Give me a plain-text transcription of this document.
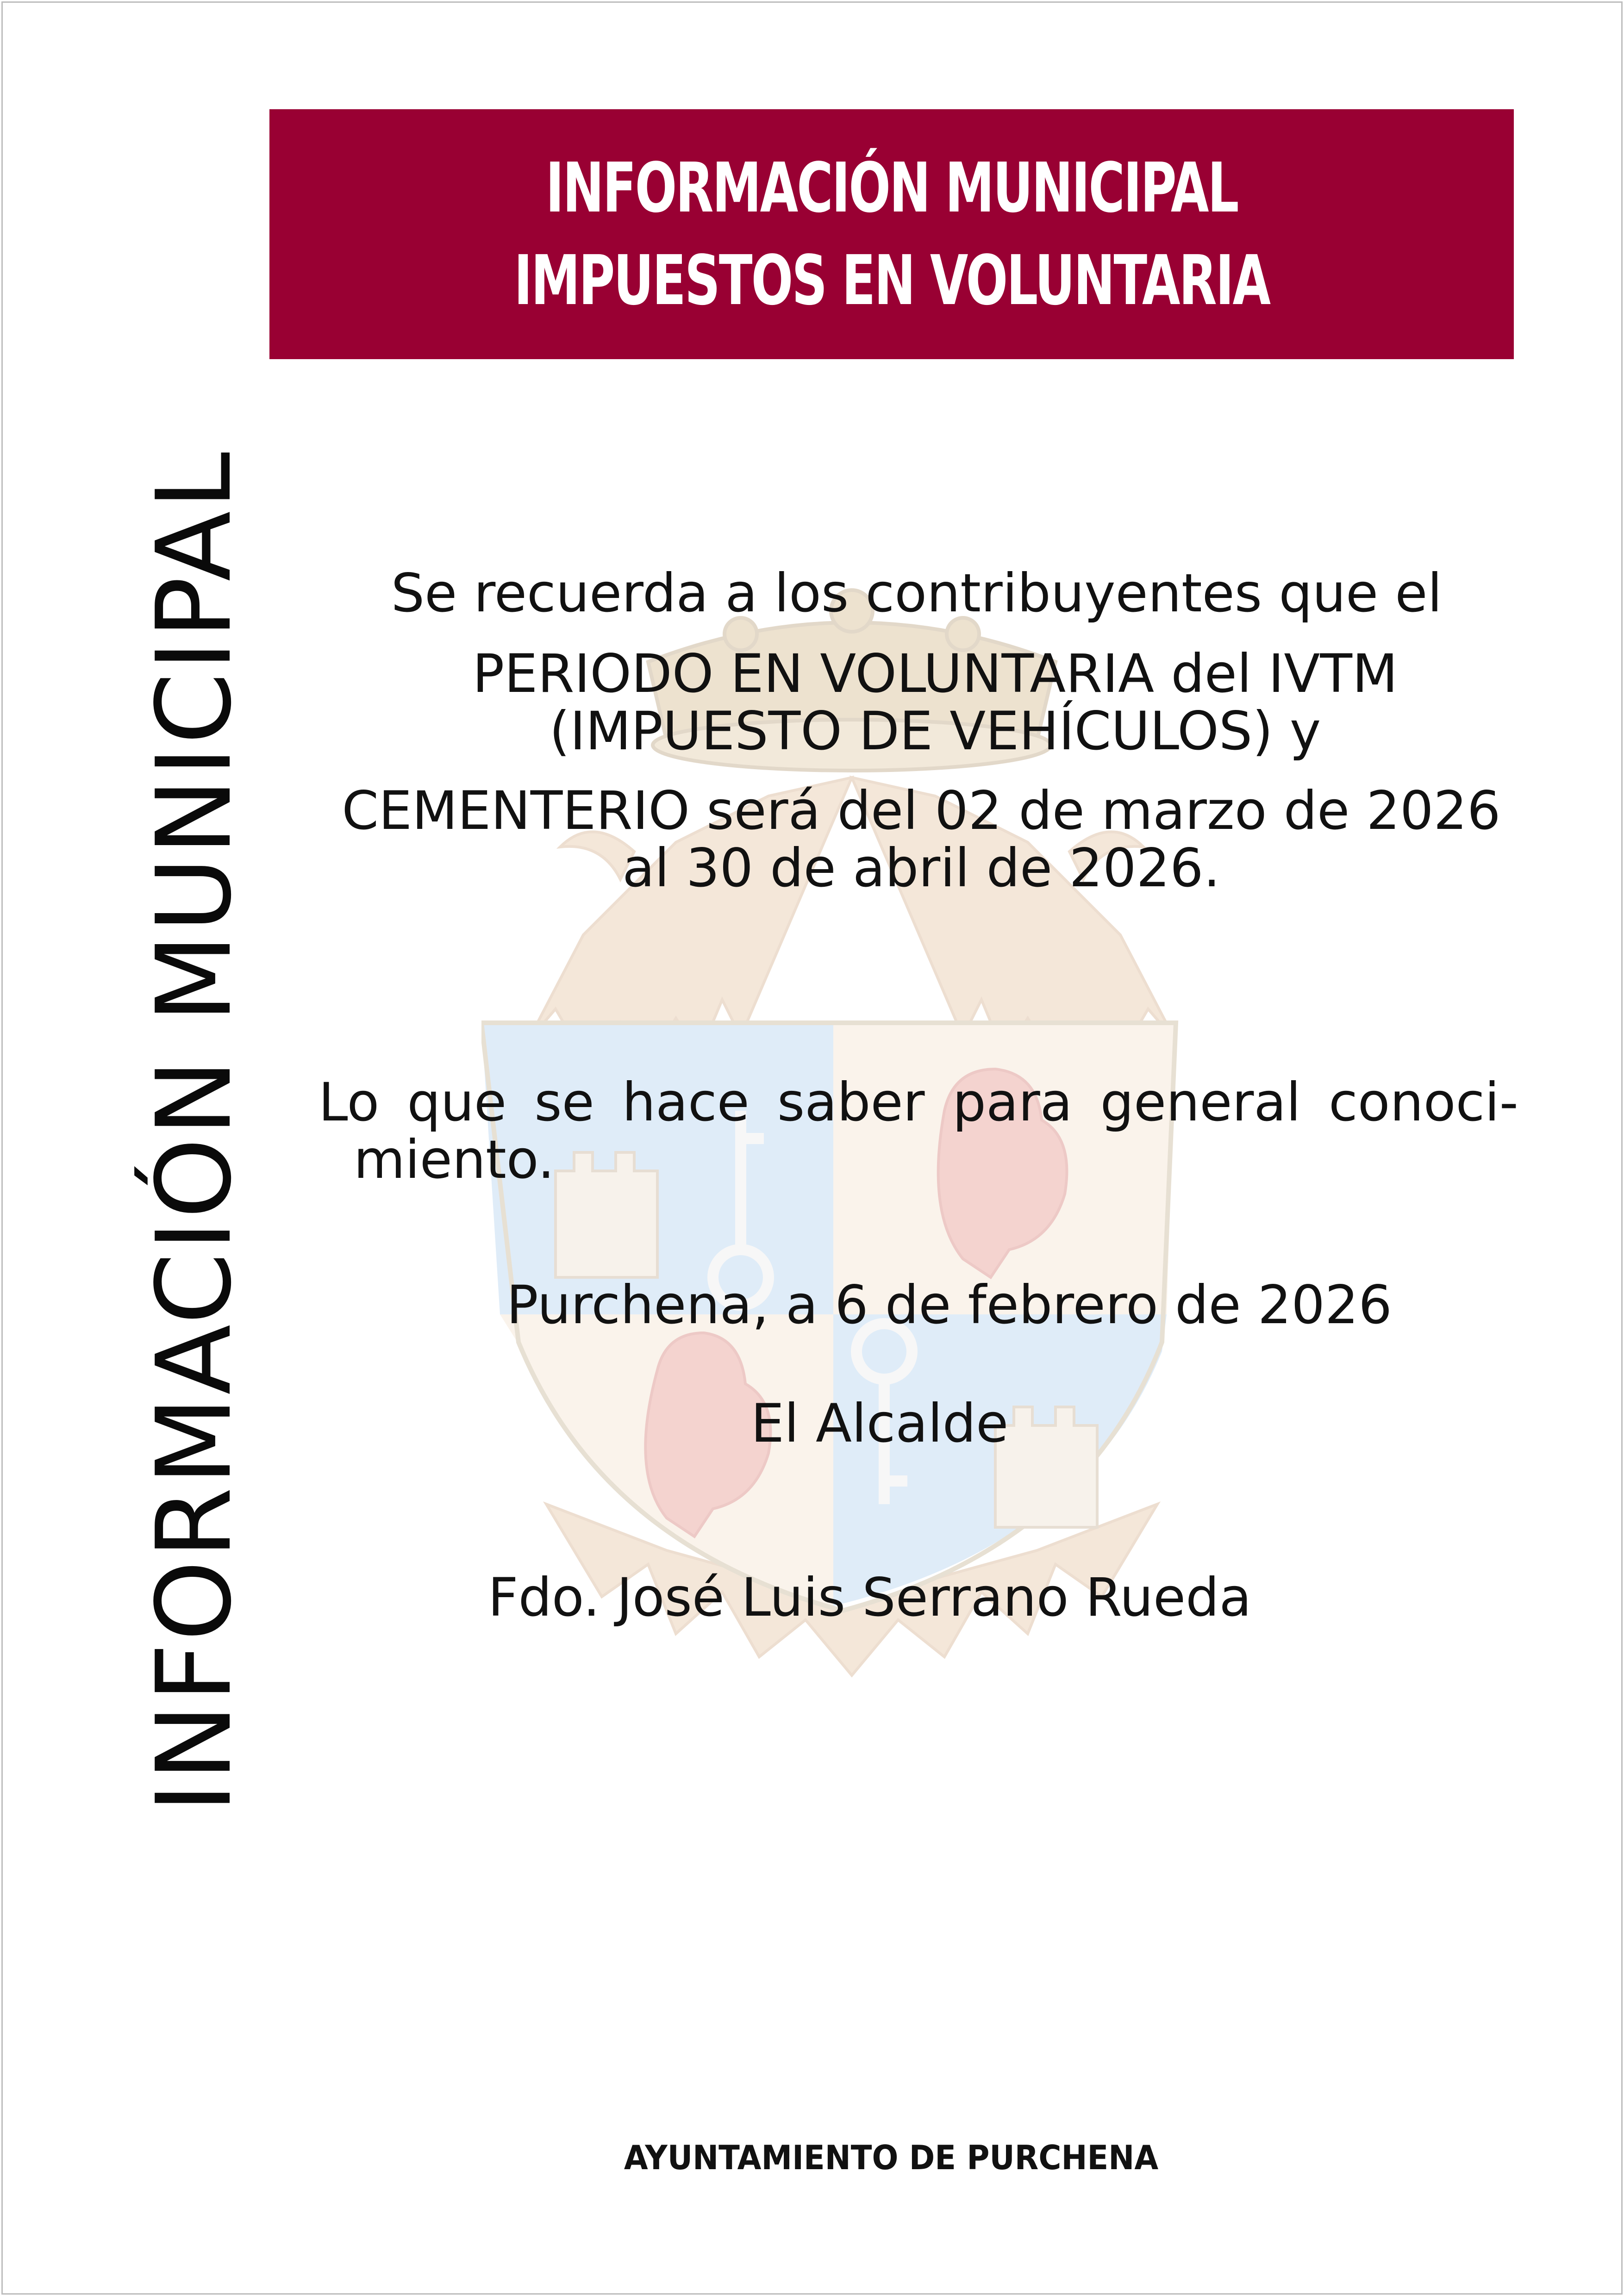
INFORMACIÓN MUNICIPAL
IMPUESTOS EN VOLUNTARIA
INFORMACIÓN MUNICIPAL	Se recuerda a los contribuyentes que el
PERIODO EN VOLUNTARIA del IVTM
(IMPUESTO DE VEHÍCULOS) y
CEMENTERIO será del 02 de marzo de 2026
al 30 de abril de 2026.
Lo que se hace saber para general conoci-
miento.
Purchena, a 6 de febrero de 2026
El Alcalde
Fdo. José Luis Serrano Rueda
AYUNTAMIENTO DE PURCHENA
